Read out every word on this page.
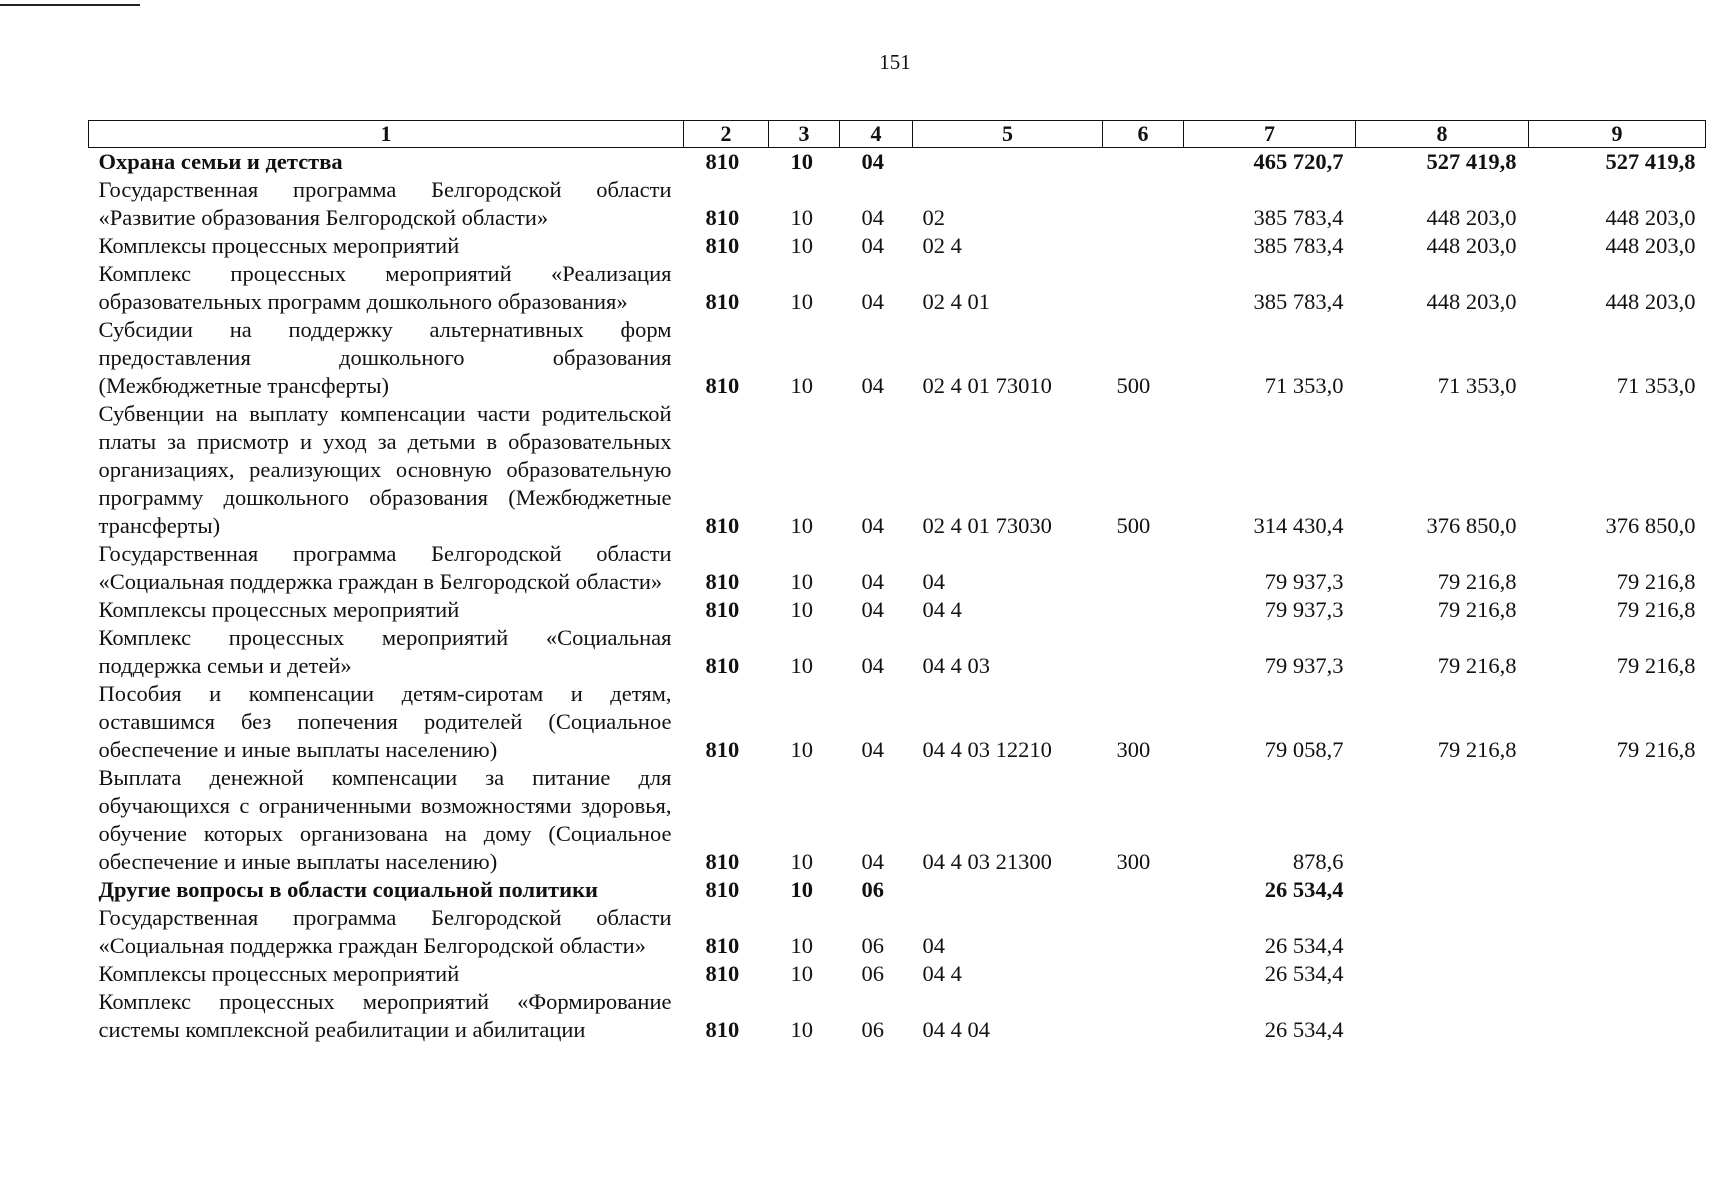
151
1	2	3	4	5	6	7	8	9
Охрана семьи и детства	810	10	04			465 720,7	527 419,8	527 419,8
Государственная программа Белгородской области «Развитие образования Белгородской области»	810	10	04	02		385 783,4	448 203,0	448 203,0
Комплексы процессных мероприятий	810	10	04	02 4		385 783,4	448 203,0	448 203,0
Комплекс процессных мероприятий «Реализация образовательных программ дошкольного образования»	810	10	04	02 4 01		385 783,4	448 203,0	448 203,0
Субсидии на поддержку альтернативных форм предоставления дошкольного образования (Межбюджетные трансферты)	810	10	04	02 4 01 73010	500	71 353,0	71 353,0	71 353,0
Субвенции на выплату компенсации части родительской платы за присмотр и уход за детьми в образовательных организациях, реализующих основную образовательную программу дошкольного образования (Межбюджетные трансферты)	810	10	04	02 4 01 73030	500	314 430,4	376 850,0	376 850,0
Государственная программа Белгородской области «Социальная поддержка граждан в Белгородской области»	810	10	04	04		79 937,3	79 216,8	79 216,8
Комплексы процессных мероприятий	810	10	04	04 4		79 937,3	79 216,8	79 216,8
Комплекс процессных мероприятий «Социальная поддержка семьи и детей»	810	10	04	04 4 03		79 937,3	79 216,8	79 216,8
Пособия и компенсации детям-сиротам и детям, оставшимся без попечения родителей (Социальное обеспечение и иные выплаты населению)	810	10	04	04 4 03 12210	300	79 058,7	79 216,8	79 216,8
Выплата денежной компенсации за питание для обучающихся с ограниченными возможностями здоровья, обучение которых организована на дому (Социальное обеспечение и иные выплаты населению)	810	10	04	04 4 03 21300	300	878,6		
Другие вопросы в области социальной политики	810	10	06			26 534,4		
Государственная программа Белгородской области «Социальная поддержка граждан Белгородской области»	810	10	06	04		26 534,4		
Комплексы процессных мероприятий	810	10	06	04 4		26 534,4		
Комплекс процессных мероприятий «Формирование системы комплексной реабилитации и абилитации	810	10	06	04 4 04		26 534,4		
